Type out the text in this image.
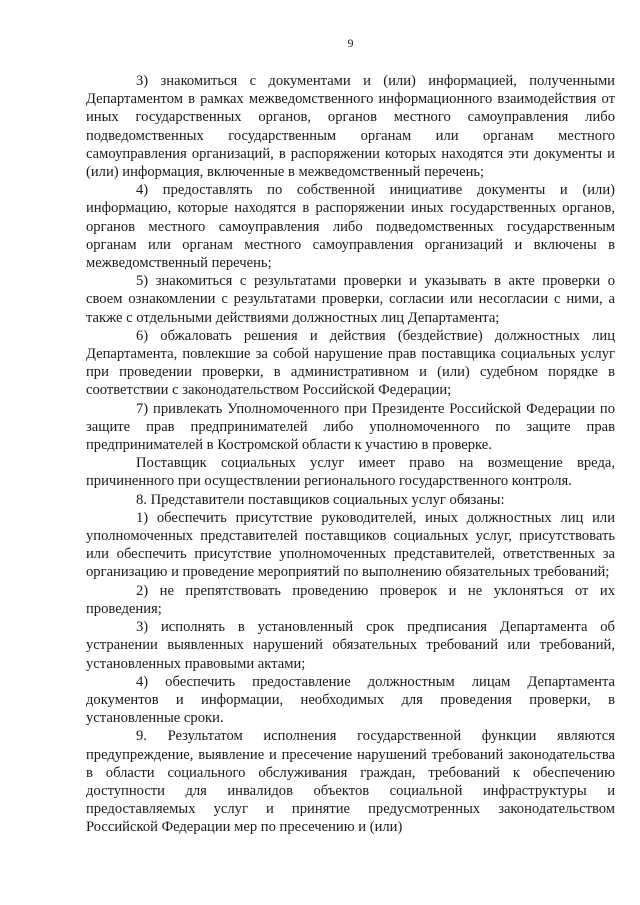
9

3) знакомиться с документами и (или) информацией, полученными Департаментом в рамках межведомственного информационного взаимодействия от иных государственных органов, органов местного самоуправления либо подведомственных государственным органам или органам местного самоуправления организаций, в распоряжении которых находятся эти документы и (или) информация, включенные в межведомственный перечень;

4) предоставлять по собственной инициативе документы и (или) информацию, которые находятся в распоряжении иных государственных органов, органов местного самоуправления либо подведомственных государственным органам или органам местного самоуправления организаций и включены в межведомственный перечень;

5) знакомиться с результатами проверки и указывать в акте проверки о своем ознакомлении с результатами проверки, согласии или несогласии с ними, а также с отдельными действиями должностных лиц Департамента;

6) обжаловать решения и действия (бездействие) должностных лиц Департамента, повлекшие за собой нарушение прав поставщика социальных услуг при проведении проверки, в административном и (или) судебном порядке в соответствии с законодательством Российской Федерации;

7) привлекать Уполномоченного при Президенте Российской Федерации по защите прав предпринимателей либо уполномоченного по защите прав предпринимателей в Костромской области к участию в проверке.

Поставщик социальных услуг имеет право на возмещение вреда, причиненного при осуществлении регионального государственного контроля.

8. Представители поставщиков социальных услуг обязаны:

1) обеспечить присутствие руководителей, иных должностных лиц или уполномоченных представителей поставщиков социальных услуг, присутствовать или обеспечить присутствие уполномоченных представителей, ответственных за организацию и проведение мероприятий по выполнению обязательных требований;

2) не препятствовать проведению проверок и не уклоняться от их проведения;

3) исполнять в установленный срок предписания Департамента об устранении выявленных нарушений обязательных требований или требований, установленных правовыми актами;

4) обеспечить предоставление должностным лицам Департамента документов и информации, необходимых для проведения проверки, в установленные сроки.

9. Результатом исполнения государственной функции являются предупреждение, выявление и пресечение нарушений требований законодательства в области социального обслуживания граждан, требований к обеспечению доступности для инвалидов объектов социальной инфраструктуры и предоставляемых услуг и принятие предусмотренных законодательством Российской Федерации мер по пресечению и (или)
